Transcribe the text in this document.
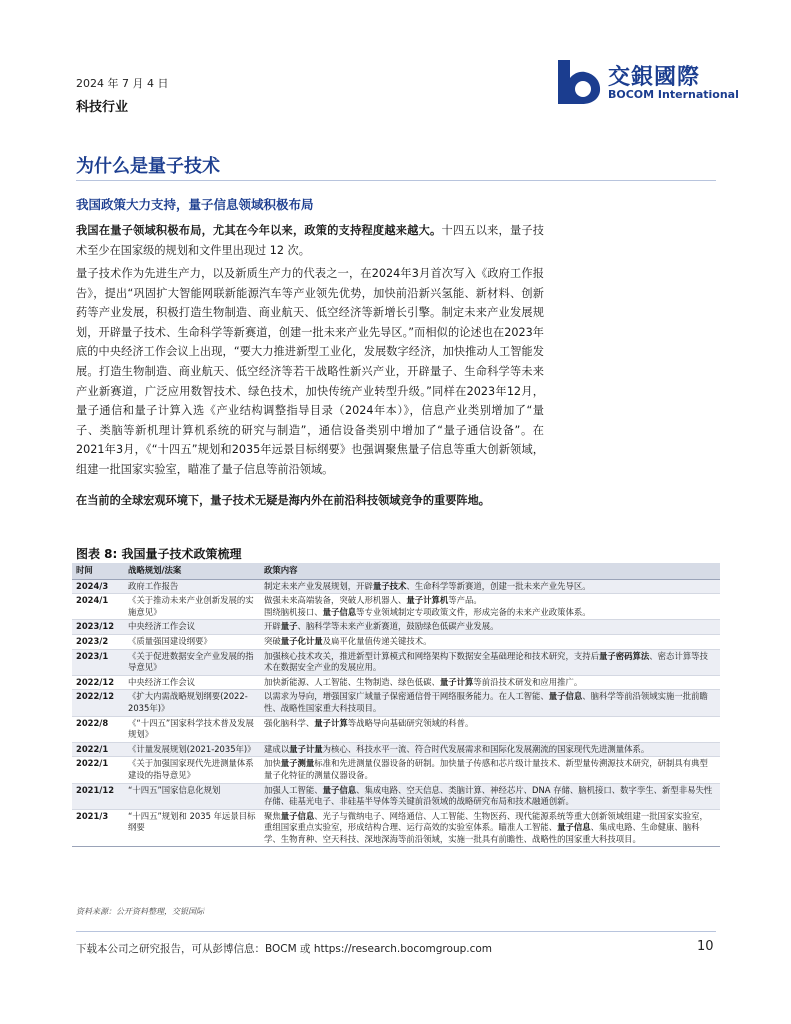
2024 年 7 月 4 日
科技行业
交銀國際
BOCOM International
为什么是量子技术
我国政策大力支持，量子信息领域积极布局
我国在量子领域积极布局，尤其在今年以来，政策的支持程度越来越大。十四五以来，量子技术至少在国家级的规划和文件里出现过 12 次。
量子技术作为先进生产力，以及新质生产力的代表之一，在2024年3月首次写入《政府工作报告》，提出“巩固扩大智能网联新能源汽车等产业领先优势，加快前沿新兴氢能、新材料、创新药等产业发展，积极打造生物制造、商业航天、低空经济等新增长引擎。制定未来产业发展规划，开辟量子技术、生命科学等新赛道，创建一批未来产业先导区。”而相似的论述也在2023年底的中央经济工作会议上出现，“要大力推进新型工业化，发展数字经济，加快推动人工智能发展。打造生物制造、商业航天、低空经济等若干战略性新兴产业，开辟量子、生命科学等未来产业新赛道，广泛应用数智技术、绿色技术，加快传统产业转型升级。”同样在2023年12月，量子通信和量子计算入选《产业结构调整指导目录（2024年本）》，信息产业类别增加了“量子、类脑等新机理计算机系统的研究与制造”，通信设备类别中增加了“量子通信设备”。在2021年3月，《“十四五”规划和2035年远景目标纲要》也强调聚焦量子信息等重大创新领域，组建一批国家实验室，瞄准了量子信息等前沿领域。
在当前的全球宏观环境下，量子技术无疑是海内外在前沿科技领域竞争的重要阵地。
图表 8: 我国量子技术政策梳理
时间	战略规划/法案	政策内容
2024/3	政府工作报告	制定未来产业发展规划，开辟量子技术、生命科学等新赛道，创建一批未来产业先导区。
2024/1	《关于推动未来产业创新发展的实施意见》	做强未来高端装备，突破人形机器人、量子计算机等产品。
围绕脑机接口、量子信息等专业领域制定专项政策文件，形成完备的未来产业政策体系。
2023/12	中央经济工作会议	开辟量子、脑科学等未来产业新赛道，鼓励绿色低碳产业发展。
2023/2	《质量强国建设纲要》	突破量子化计量及扁平化量值传递关键技术。
2023/1	《关于促进数据安全产业发展的指导意见》	加强核心技术攻关，推进新型计算模式和网络架构下数据安全基础理论和技术研究，支持后量子密码算法、密态计算等技术在数据安全产业的发展应用。
2022/12	中央经济工作会议	加快新能源、人工智能、生物制造、绿色低碳、量子计算等前沿技术研发和应用推广。
2022/12	《扩大内需战略规划纲要(2022-2035年)》	以需求为导向，增强国家广域量子保密通信骨干网络服务能力。在人工智能、量子信息、脑科学等前沿领域实施一批前瞻性、战略性国家重大科技项目。
2022/8	《“十四五”国家科学技术普及发展规划》	强化脑科学、量子计算等战略导向基础研究领域的科普。
2022/1	《计量发展规划(2021-2035年)》	建成以量子计量为核心、科技水平一流、符合时代发展需求和国际化发展潮流的国家现代先进测量体系。
2022/1	《关于加强国家现代先进测量体系建设的指导意见》	加快量子测量标准和先进测量仪器设备的研制。加快量子传感和芯片级计量技术、新型量传溯源技术研究，研制具有典型量子化特征的测量仪器设备。
2021/12	“十四五”国家信息化规划	加强人工智能、量子信息、集成电路、空天信息、类脑计算、神经芯片、DNA 存储、脑机接口、数字孪生、新型非易失性存储、硅基光电子、非硅基半导体等关键前沿领域的战略研究布局和技术融通创新。
2021/3	“十四五”规划和 2035 年远景目标纲要	聚焦量子信息、光子与微纳电子、网络通信、人工智能、生物医药、现代能源系统等重大创新领域组建一批国家实验室，重组国家重点实验室，形成结构合理、运行高效的实验室体系。瞄准人工智能、量子信息、集成电路、生命健康、脑科学、生物育种、空天科技、深地深海等前沿领域，实施一批具有前瞻性、战略性的国家重大科技项目。
资料来源：公开资料整理，交银国际
下载本公司之研究报告，可从彭博信息：BOCM 或 https://research.bocomgroup.com	10
